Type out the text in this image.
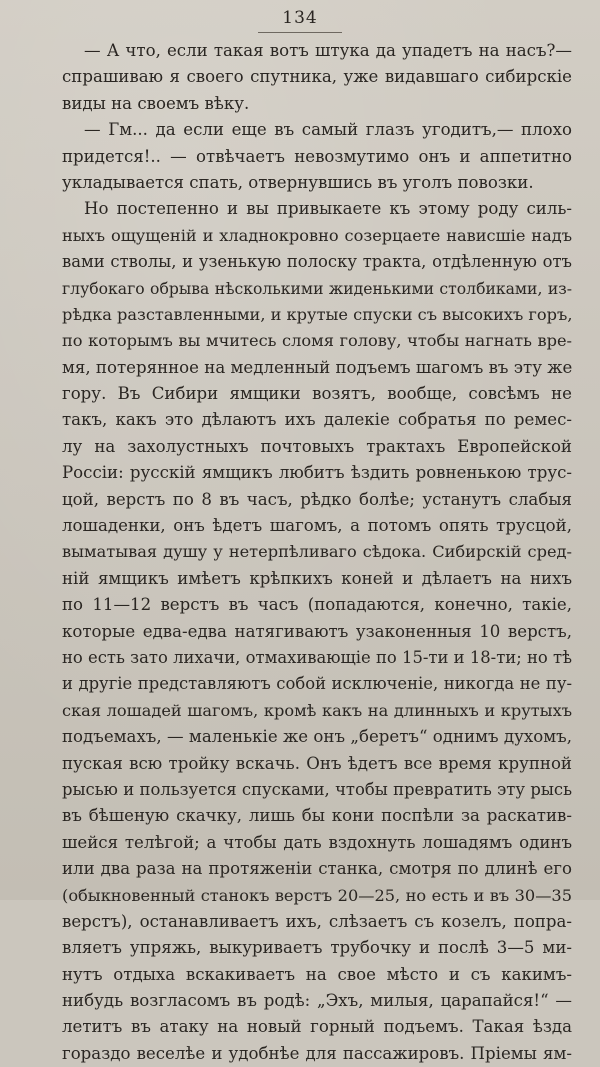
134
— А что, если такая вотъ штука да упадетъ на насъ?—
спрашиваю я своего спутника, уже видавшаго сибирскіе
виды на своемъ вѣку.
— Гм... да если еще въ самый глазъ угодитъ,— плохо
придется!.. — отвѣчаетъ невозмутимо онъ и аппетитно
укладывается спать, отвернувшись въ уголъ повозки.
Но постепенно и вы привыкаете къ этому роду силь-
ныхъ ощущеній и хладнокровно созерцаете нависшіе надъ
вами стволы, и узенькую полоску тракта, отдѣленную отъ
глубокаго обрыва нѣсколькими жиденькими столбиками, из-
рѣдка разставленными, и крутые спуски съ высокихъ горъ,
по которымъ вы мчитесь сломя голову, чтобы нагнать вре-
мя, потерянное на медленный подъемъ шагомъ въ эту же
гору. Въ Сибири ямщики возятъ, вообще, совсѣмъ не
такъ, какъ это дѣлаютъ ихъ далекіе собратья по ремес-
лу на захолустныхъ почтовыхъ трактахъ Европейской
Россіи: русскій ямщикъ любитъ ѣздить ровненькою трус-
цой, верстъ по 8 въ часъ, рѣдко болѣе; устанутъ слабыя
лошаденки, онъ ѣдетъ шагомъ, а потомъ опять трусцой,
выматывая душу у нетерпѣливаго сѣдока. Сибирскій сред-
ній ямщикъ имѣетъ крѣпкихъ коней и дѣлаетъ на нихъ
по 11—12 верстъ въ часъ (попадаются, конечно, такіе,
которые едва-едва натягиваютъ узаконенныя 10 верстъ,
но есть зато лихачи, отмахивающіе по 15-ти и 18-ти; но тѣ
и другіе представляютъ собой исключеніе, никогда не пу-
ская лошадей шагомъ, кромѣ какъ на длинныхъ и крутыхъ
подъемахъ, — маленькіе же онъ „беретъ“ однимъ духомъ,
пуская всю тройку вскачь. Онъ ѣдетъ все время крупной
рысью и пользуется спусками, чтобы превратить эту рысь
въ бѣшеную скачку, лишь бы кони поспѣли за раскатив-
шейся телѣгой; а чтобы дать вздохнуть лошадямъ одинъ
или два раза на протяженіи станка, смотря по длинѣ его
(обыкновенный станокъ верстъ 20—25, но есть и въ 30—35
верстъ), останавливаетъ ихъ, слѣзаетъ съ козелъ, попра-
вляетъ упряжь, выкуриваетъ трубочку и послѣ 3—5 ми-
нутъ отдыха вскакиваетъ на свое мѣсто и съ какимъ-
нибудь возгласомъ въ родѣ: „Эхъ, милыя, царапайся!“ —
летитъ въ атаку на новый горный подъемъ. Такая ѣзда
гораздо веселѣе и удобнѣе для пассажировъ. Пріемы ям-
